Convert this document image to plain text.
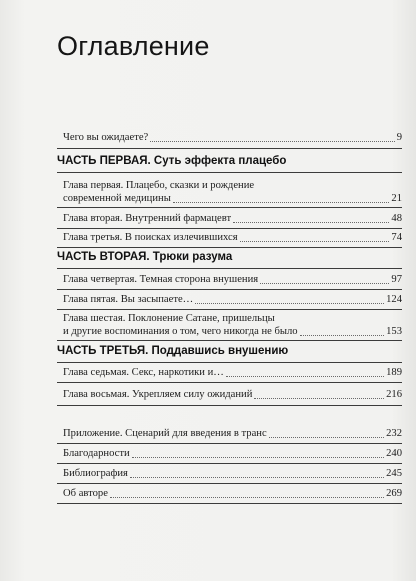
Оглавление
Чего вы ожидаете?	9
ЧАСТЬ ПЕРВАЯ. Суть эффекта плацебо
Глава первая. Плацебо, сказки и рождение
современной медицины	21
Глава вторая. Внутренний фармацевт	48
Глава третья. В поисках излечившихся	74
ЧАСТЬ ВТОРАЯ. Трюки разума
Глава четвертая. Темная сторона внушения	97
Глава пятая. Вы засыпаете…	124
Глава шестая. Поклонение Сатане, пришельцы
и другие воспоминания о том, чего никогда не было	153
ЧАСТЬ ТРЕТЬЯ. Поддавшись внушению
Глава седьмая. Секс, наркотики и…	189
Глава восьмая. Укрепляем силу ожиданий	216
Приложение. Сценарий для введения в транс	232
Благодарности	240
Библиография	245
Об авторе	269
